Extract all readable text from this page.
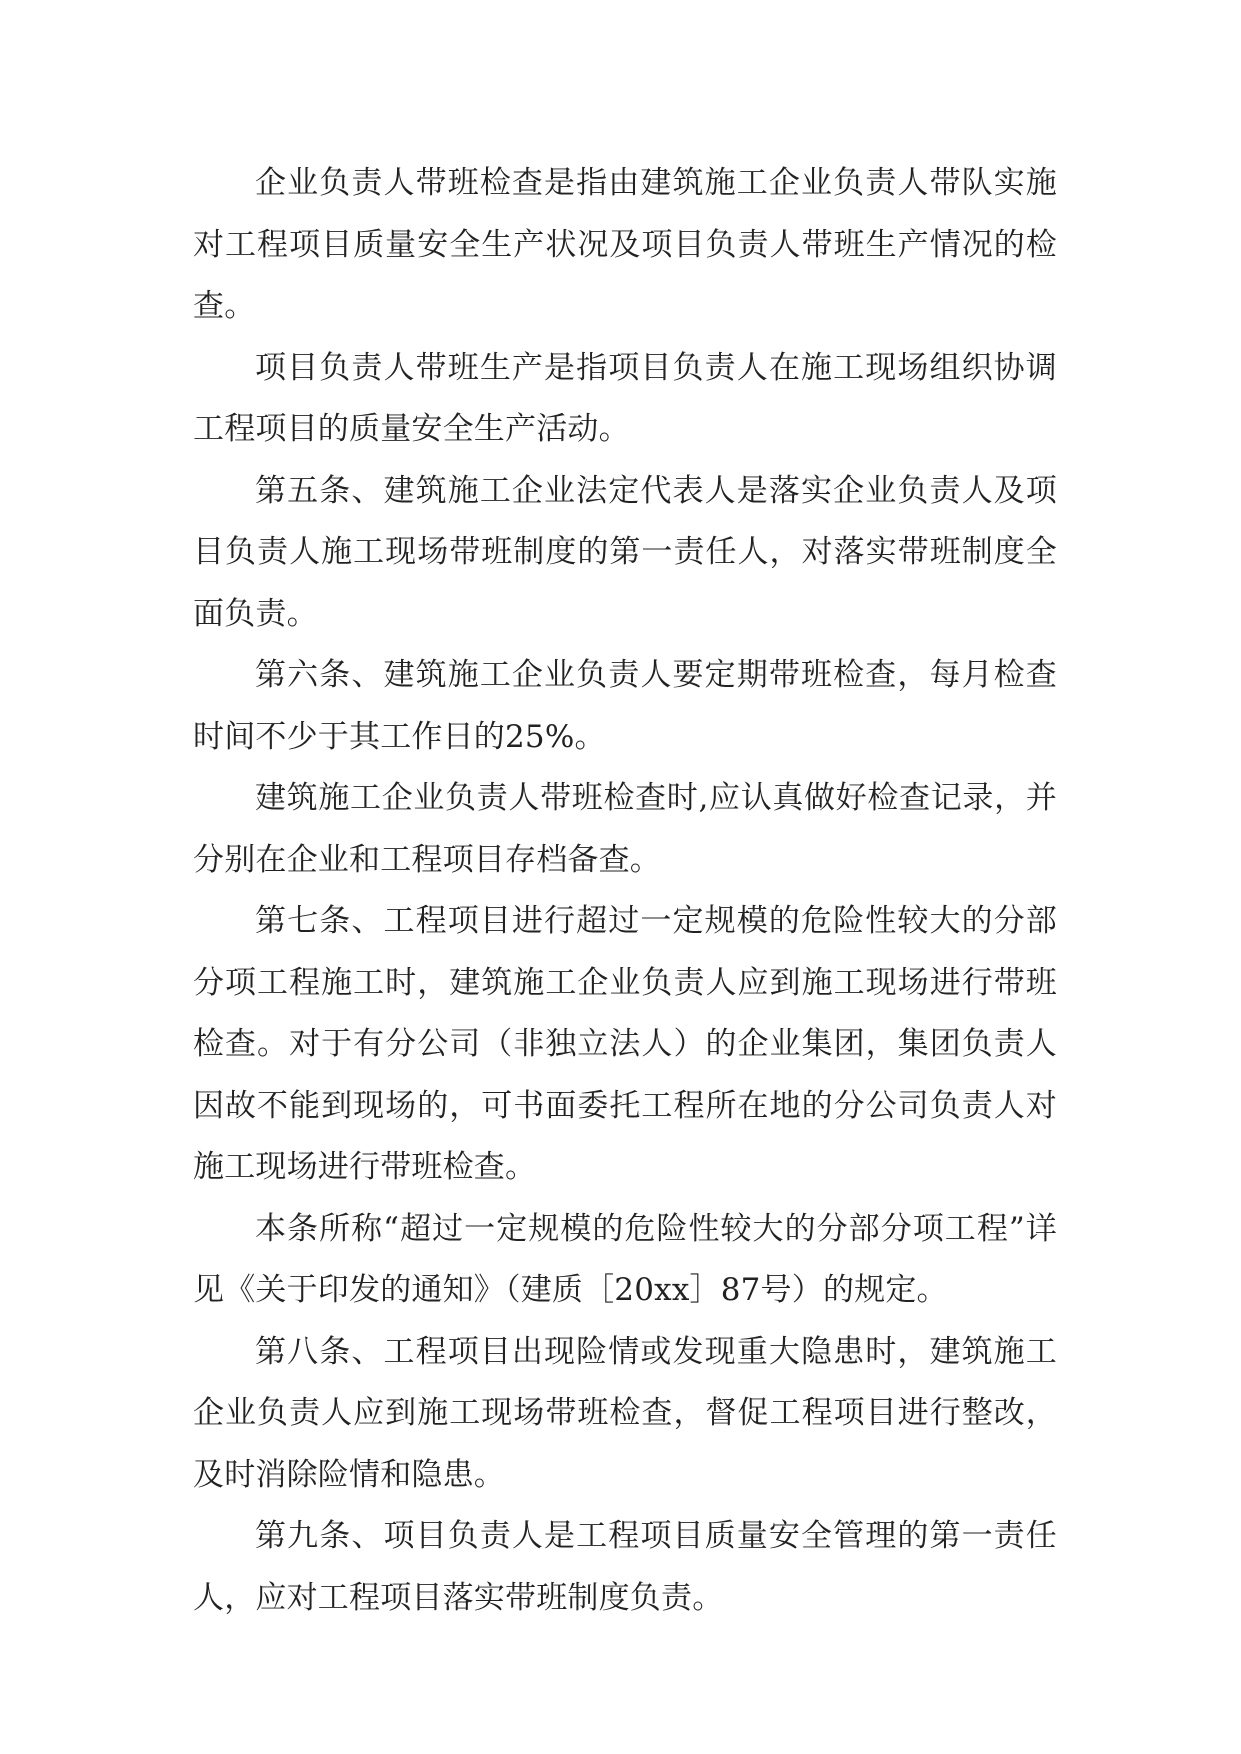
企业负责人带班检查是指由建筑施工企业负责人带队实施对工程项目质量安全生产状况及项目负责人带班生产情况的检查。

项目负责人带班生产是指项目负责人在施工现场组织协调工程项目的质量安全生产活动。

第五条、建筑施工企业法定代表人是落实企业负责人及项目负责人施工现场带班制度的第一责任人，对落实带班制度全面负责。

第六条、建筑施工企业负责人要定期带班检查，每月检查时间不少于其工作日的25%。

建筑施工企业负责人带班检查时,应认真做好检查记录，并分别在企业和工程项目存档备查。

第七条、工程项目进行超过一定规模的危险性较大的分部分项工程施工时，建筑施工企业负责人应到施工现场进行带班检查。对于有分公司（非独立法人）的企业集团，集团负责人因故不能到现场的，可书面委托工程所在地的分公司负责人对施工现场进行带班检查。

本条所称“超过一定规模的危险性较大的分部分项工程”详见《关于印发的通知》（建质［20xx］87号）的规定。

第八条、工程项目出现险情或发现重大隐患时，建筑施工企业负责人应到施工现场带班检查，督促工程项目进行整改，及时消除险情和隐患。

第九条、项目负责人是工程项目质量安全管理的第一责任人，应对工程项目落实带班制度负责。
